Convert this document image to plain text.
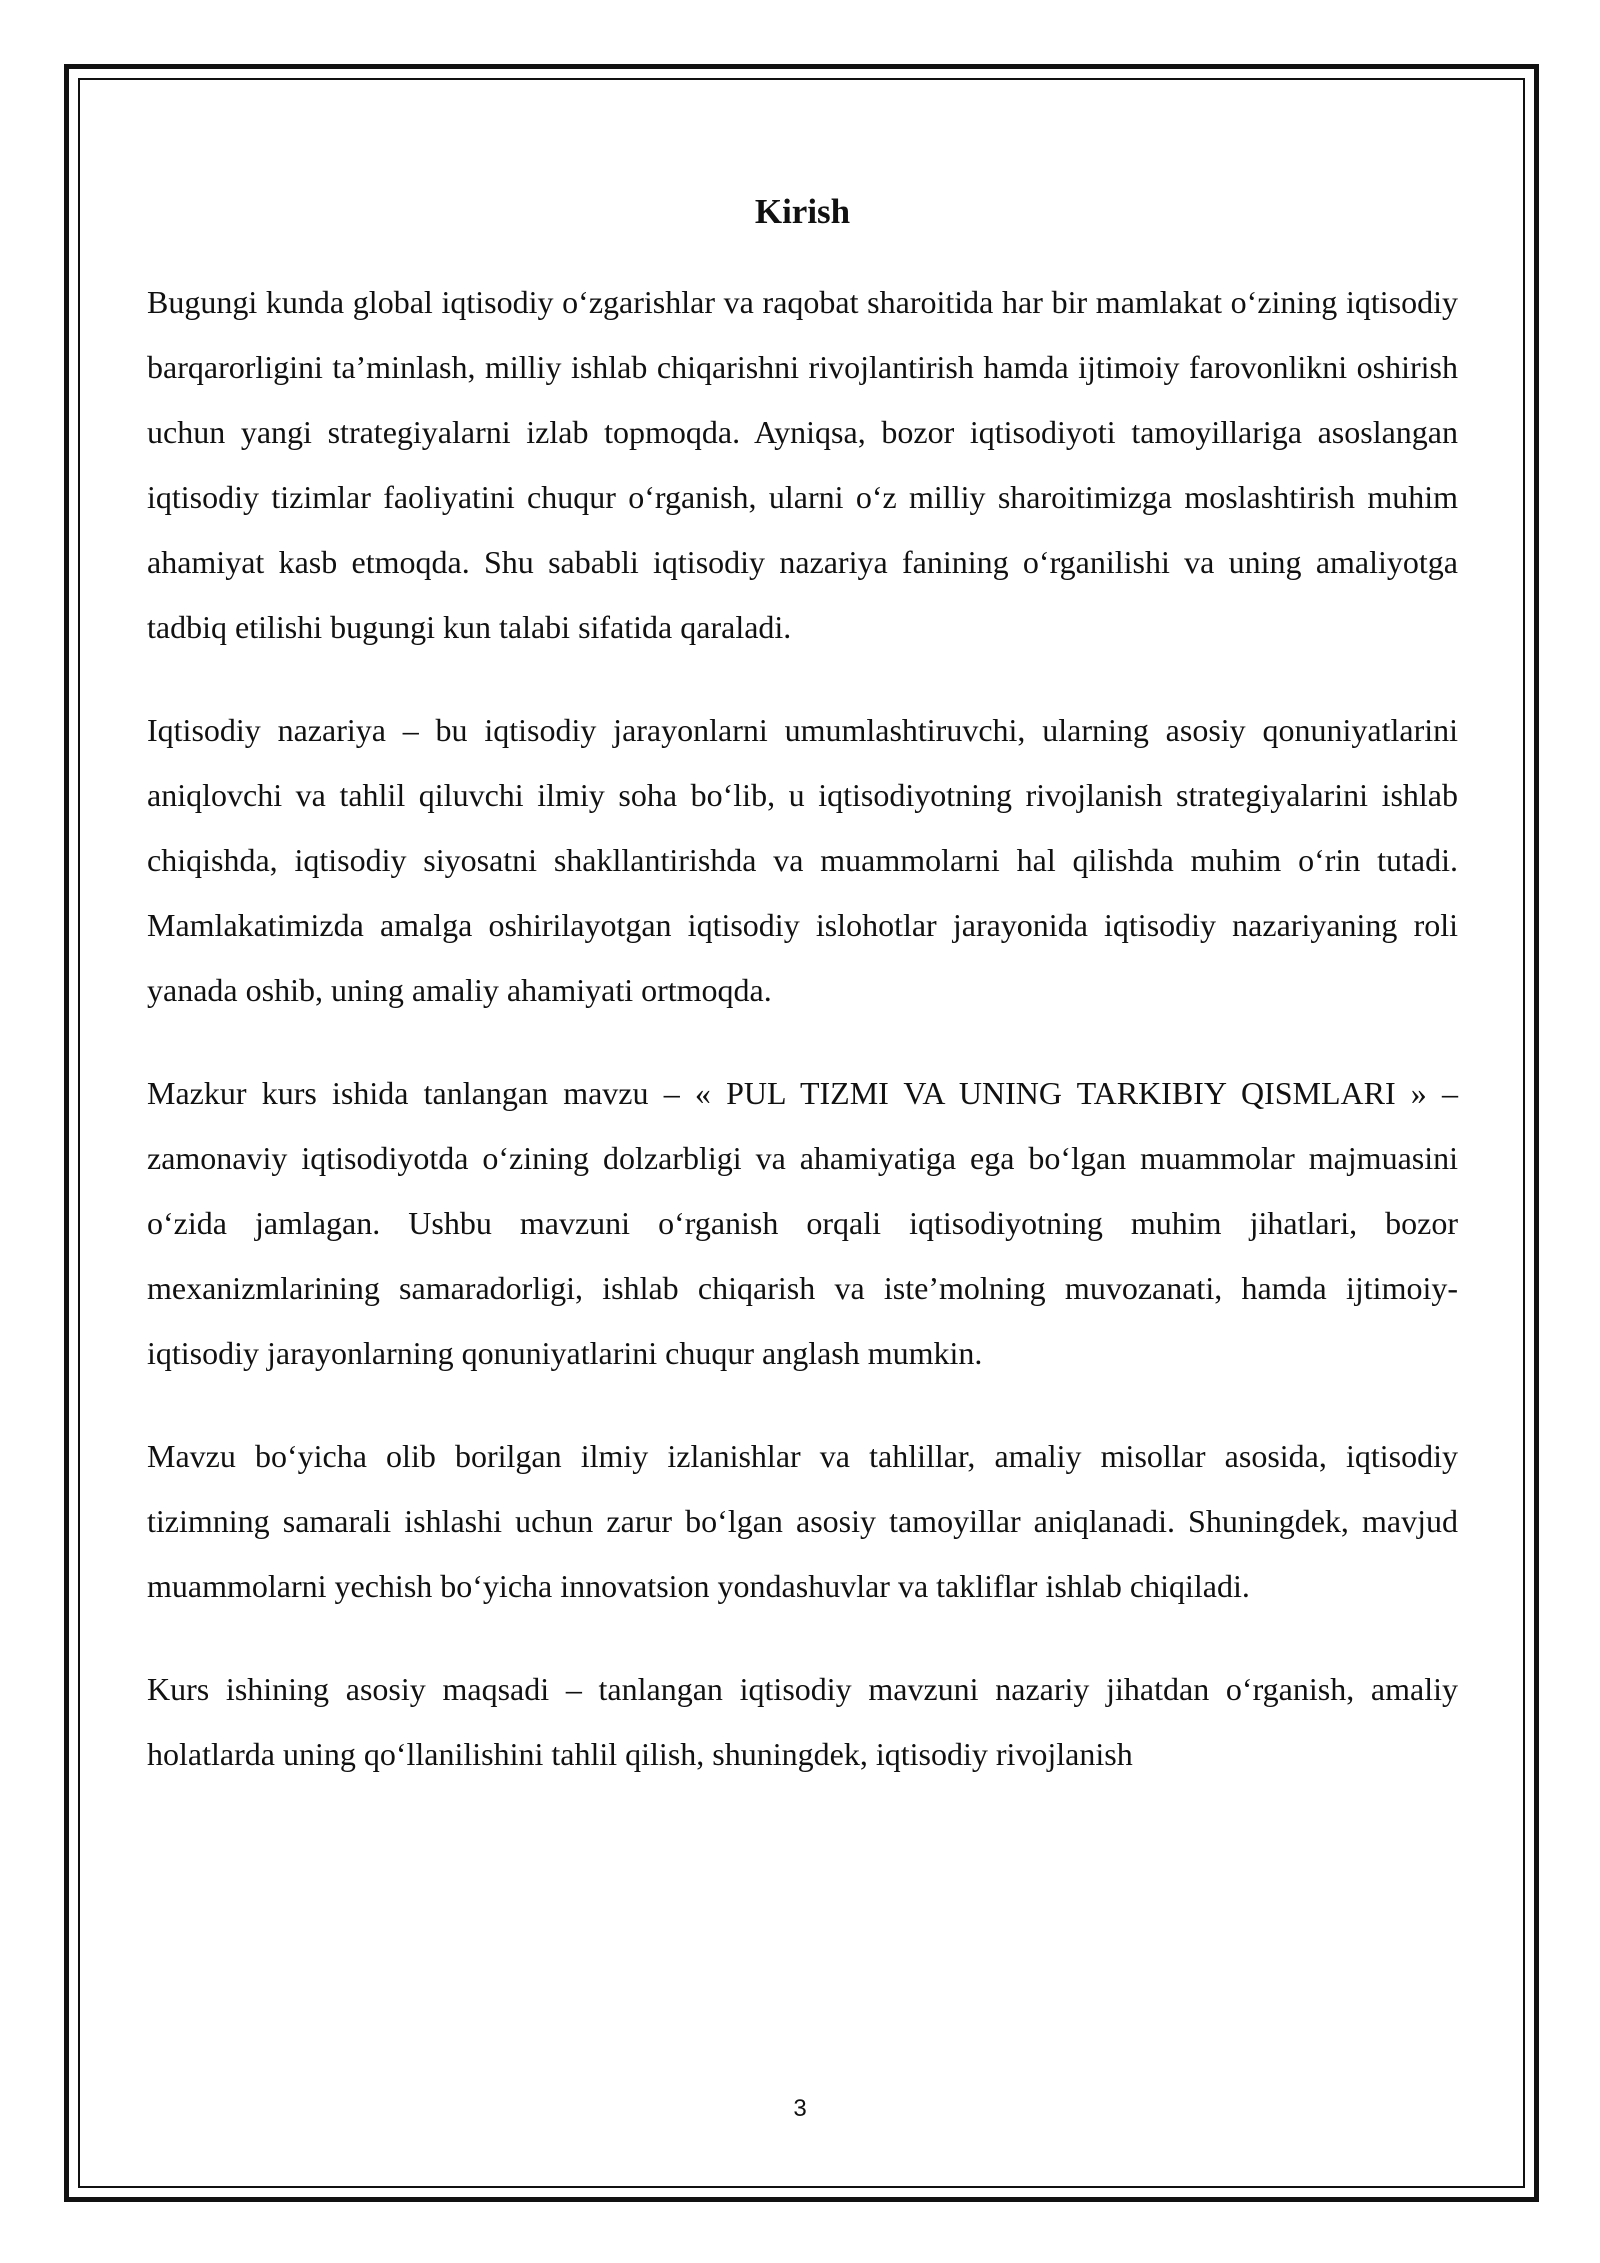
Kirish

Bugungi kunda global iqtisodiy o‘zgarishlar va raqobat sharoitida har bir mamlakat o‘zining iqtisodiy barqarorligini ta’minlash, milliy ishlab chiqarishni rivojlantirish hamda ijtimoiy farovonlikni oshirish uchun yangi strategiyalarni izlab topmoqda. Ayniqsa, bozor iqtisodiyoti tamoyillariga asoslangan iqtisodiy tizimlar faoliyatini chuqur o‘rganish, ularni o‘z milliy sharoitimizga moslashtirish muhim ahamiyat kasb etmoqda. Shu sababli iqtisodiy nazariya fanining o‘rganilishi va uning amaliyotga tadbiq etilishi bugungi kun talabi sifatida qaraladi.

Iqtisodiy nazariya – bu iqtisodiy jarayonlarni umumlashtiruvchi, ularning asosiy qonuniyatlarini aniqlovchi va tahlil qiluvchi ilmiy soha bo‘lib, u iqtisodiyotning rivojlanish strategiyalarini ishlab chiqishda, iqtisodiy siyosatni shakllantirishda va muammolarni hal qilishda muhim o‘rin tutadi. Mamlakatimizda amalga oshirilayotgan iqtisodiy islohotlar jarayonida iqtisodiy nazariyaning roli yanada oshib, uning amaliy ahamiyati ortmoqda.

Mazkur kurs ishida tanlangan mavzu – « PUL TIZMI VA UNING TARKIBIY QISMLARI » – zamonaviy iqtisodiyotda o‘zining dolzarbligi va ahamiyatiga ega bo‘lgan muammolar majmuasini o‘zida jamlagan. Ushbu mavzuni o‘rganish orqali iqtisodiyotning muhim jihatlari, bozor mexanizmlarining samaradorligi, ishlab chiqarish va iste’molning muvozanati, hamda ijtimoiy-iqtisodiy jarayonlarning qonuniyatlarini chuqur anglash mumkin.

Mavzu bo‘yicha olib borilgan ilmiy izlanishlar va tahlillar, amaliy misollar asosida, iqtisodiy tizimning samarali ishlashi uchun zarur bo‘lgan asosiy tamoyillar aniqlanadi. Shuningdek, mavjud muammolarni yechish bo‘yicha innovatsion yondashuvlar va takliflar ishlab chiqiladi.

Kurs ishining asosiy maqsadi – tanlangan iqtisodiy mavzuni nazariy jihatdan o‘rganish, amaliy holatlarda uning qo‘llanilishini tahlil qilish, shuningdek, iqtisodiy rivojlanish

3
